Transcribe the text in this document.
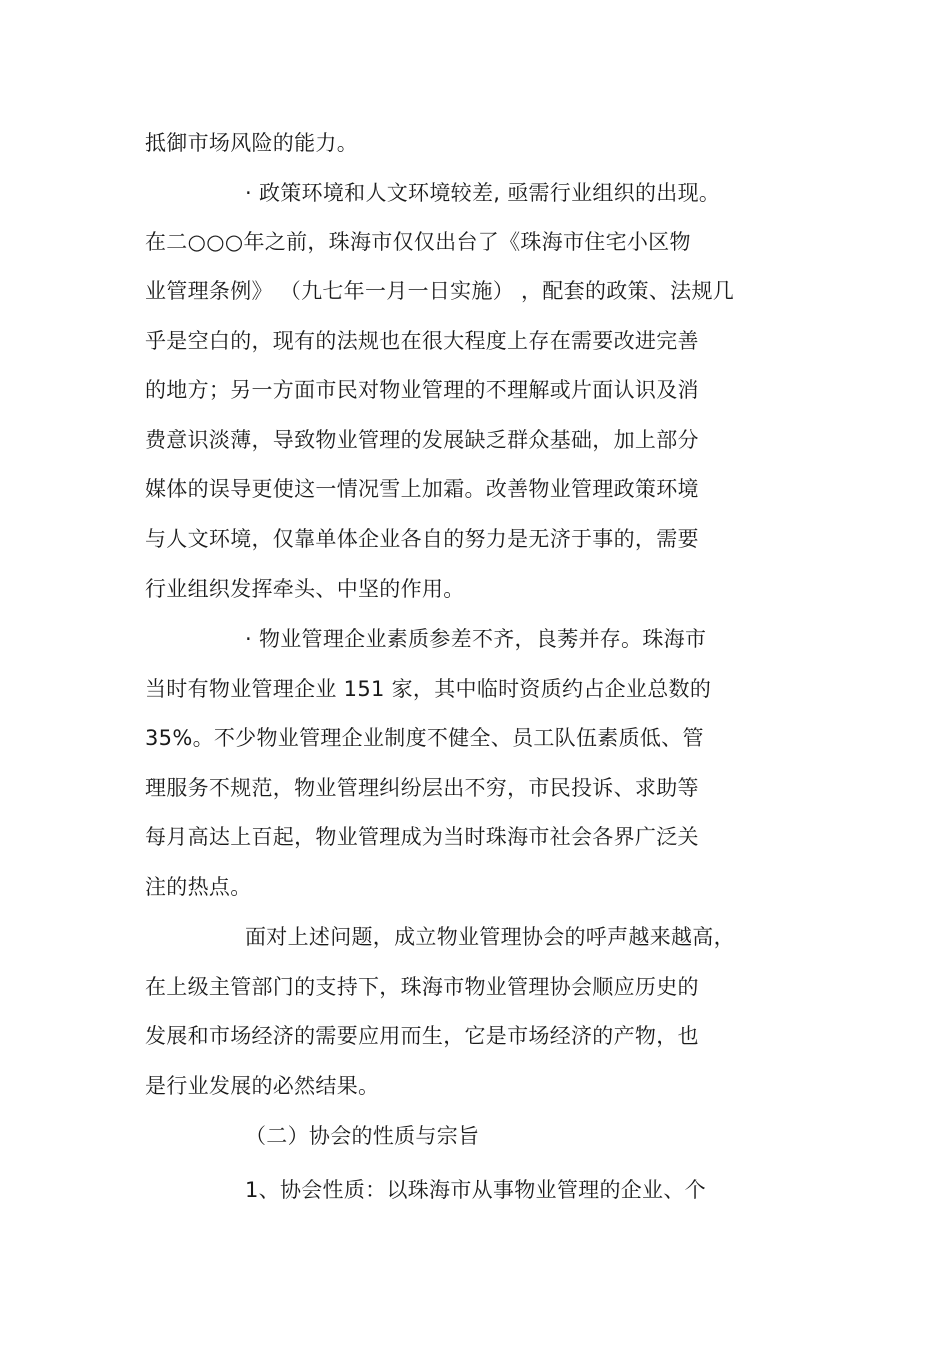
抵御市场风险的能力。
· 政策环境和人文环境较差, 亟需行业组织的出现。
在二○○○年之前，珠海市仅仅出台了《珠海市住宅小区物
业管理条例》 （九七年一月一日实施） ，配套的政策、法规几
乎是空白的，现有的法规也在很大程度上存在需要改进完善
的地方；另一方面市民对物业管理的不理解或片面认识及消
费意识淡薄，导致物业管理的发展缺乏群众基础，加上部分
媒体的误导更使这一情况雪上加霜。改善物业管理政策环境
与人文环境，仅靠单体企业各自的努力是无济于事的，需要
行业组织发挥牵头、中坚的作用。
· 物业管理企业素质参差不齐，良莠并存。珠海市
当时有物业管理企业 151 家，其中临时资质约占企业总数的
35%。不少物业管理企业制度不健全、员工队伍素质低、管
理服务不规范，物业管理纠纷层出不穷，市民投诉、求助等
每月高达上百起，物业管理成为当时珠海市社会各界广泛关
注的热点。
面对上述问题，成立物业管理协会的呼声越来越高，
在上级主管部门的支持下，珠海市物业管理协会顺应历史的
发展和市场经济的需要应用而生，它是市场经济的产物，也
是行业发展的必然结果。
（二）协会的性质与宗旨
1、协会性质：以珠海市从事物业管理的企业、个
